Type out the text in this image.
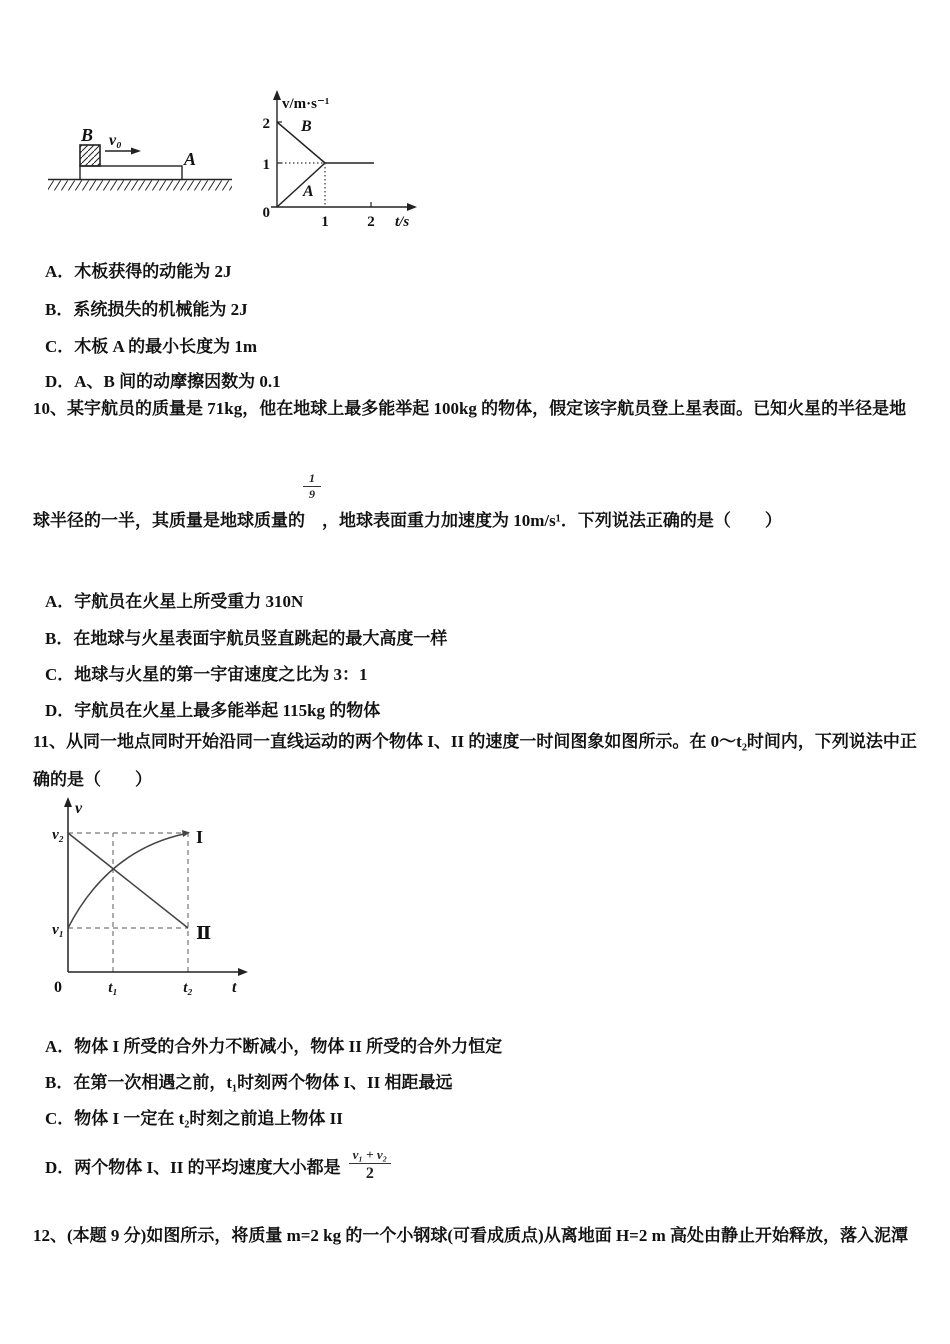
B
A
v₀
v/m·s⁻¹
2
1
0
1	2 t/s
B
A
A．木板获得的动能为 2J
B．系统损失的机械能为 2J
C．木板 A 的最小长度为 1m
D．A、B 间的动摩擦因数为 0.1
10、某宇航员的质量是 71kg，他在地球上最多能举起 100kg 的物体，假定该字航员登上星表面。已知火星的半径是地
1
9
球半径的一半，其质量是地球质量的　 ，地球表面重力加速度为 10m/s¹．下列说法正确的是（　　）
A．宇航员在火星上所受重力 310N
B．在地球与火星表面宇航员竖直跳起的最大高度一样
C．地球与火星的第一宇宙速度之比为 3：1
D．宇航员在火星上最多能举起 115kg 的物体
11、从同一地点同时开始沿同一直线运动的两个物体 I、II 的速度一时间图象如图所示。在 0～t₂时间内，下列说法中正
确的是（　　）
v
v₂
v₁
0	t₁	t₂ t
I
Ⅱ
A．物体 I 所受的合外力不断减小，物体 II 所受的合外力恒定
B．在第一次相遇之前，t₁时刻两个物体 I、II 相距最远
C．物体 I 一定在 t₂时刻之前追上物体 II
D．两个物体 I、II 的平均速度大小都是
v₁ + v₂
2
12、(本题 9 分)如图所示，将质量 m=2 kg 的一个小钢球(可看成质点)从离地面 H=2 m 高处由静止开始释放，落入泥潭
